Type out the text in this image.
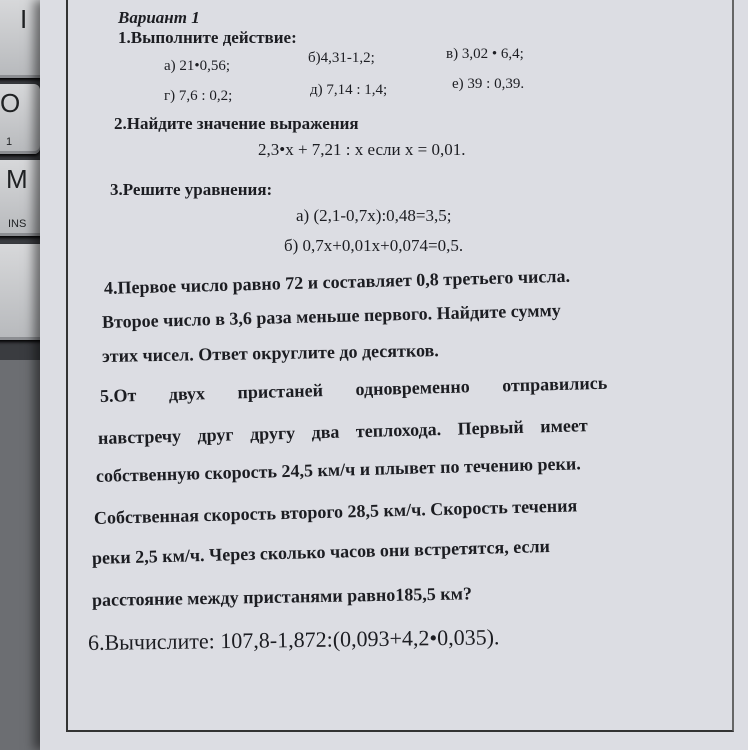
I
O
1
M
INS
Вариант 1
1.Выполните действие:
а) 21•0,56;	б)4,31-1,2;	в) 3,02 • 6,4;
г) 7,6 : 0,2;	д) 7,14 : 1,4;	е) 39 : 0,39.
2.Найдите значение выражения
2,3•x + 7,21 : x если x = 0,01.
3.Решите уравнения:
а) (2,1-0,7x):0,48=3,5;
б) 0,7x+0,01x+0,074=0,5.
4.Первое число равно 72 и составляет 0,8 третьего числа.
Второе число в 3,6 раза меньше первого. Найдите сумму
этих чисел. Ответ округлите до десятков.
5.От двух пристаней одновременно отправились
навстречу друг другу два теплохода. Первый имеет
собственную скорость 24,5 км/ч и плывет по течению реки.
Собственная скорость второго 28,5 км/ч. Скорость течения
реки 2,5 км/ч. Через сколько часов они встретятся, если
расстояние между пристанями равно185,5 км?
6.Вычислите: 107,8-1,872:(0,093+4,2•0,035).
